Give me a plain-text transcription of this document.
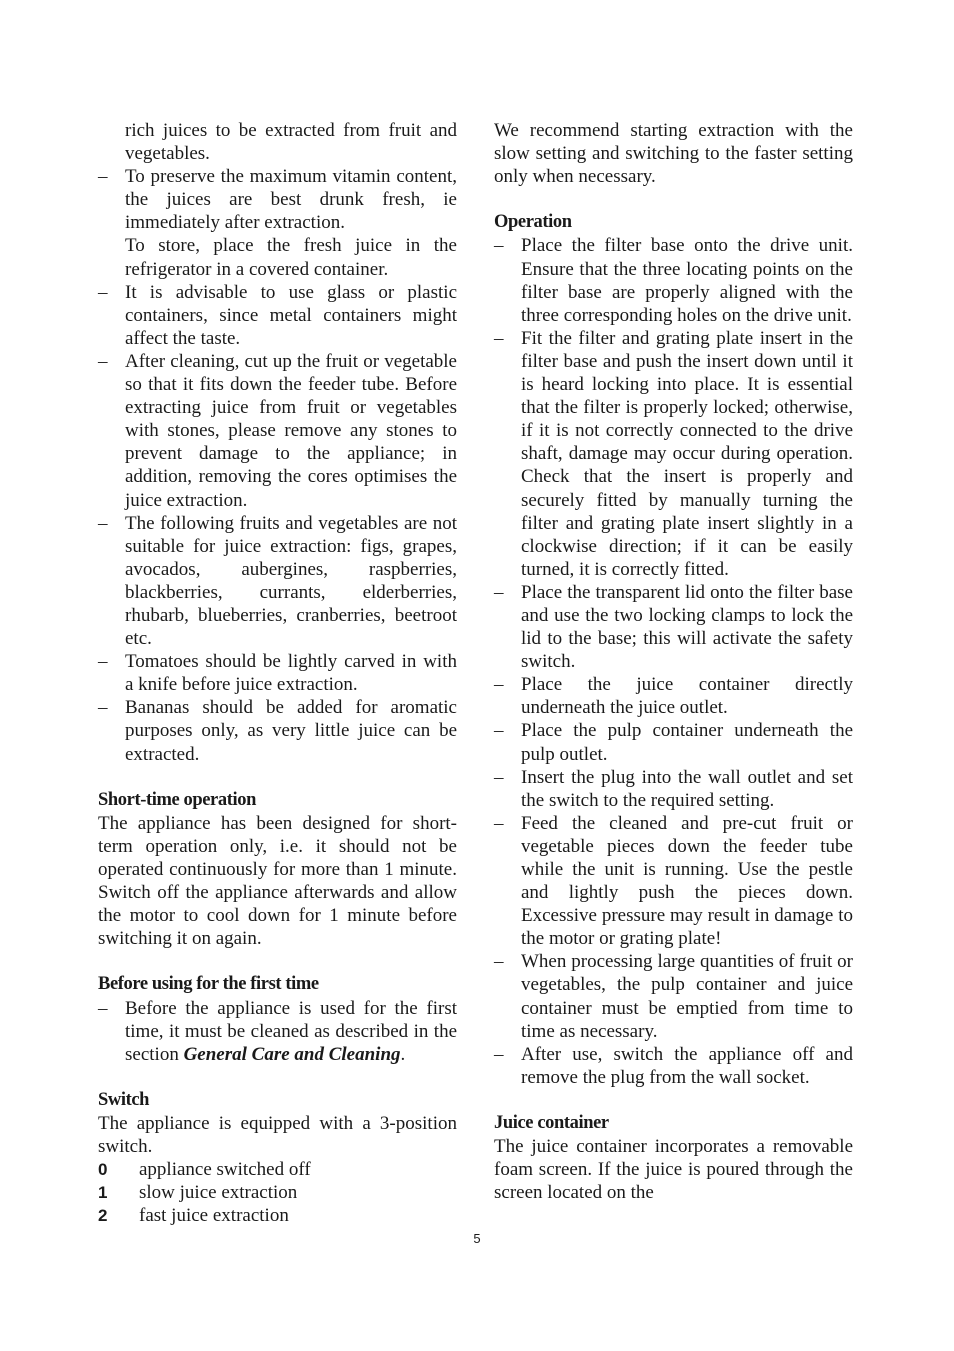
rich juices to be extracted from fruit and vegetables.

– To preserve the maximum vitamin content, the juices are best drunk fresh, ie immediately after extraction.

To store, place the fresh juice in the refrigerator in a covered container.

– It is advisable to use glass or plastic containers, since metal containers might affect the taste.
– After cleaning, cut up the fruit or vegetable so that it fits down the feeder tube. Before extracting juice from fruit or vegetables with stones, please remove any stones to prevent damage to the appliance; in addition, removing the cores optimises the juice extraction.
– The following fruits and vegetables are not suitable for juice extraction: figs, grapes, avocados, aubergines, raspberries, blackberries, currants, elderberries, rhubarb, blueberries, cranberries, beetroot etc.
– Tomatoes should be lightly carved in with a knife before juice extraction.
– Bananas should be added for aromatic purposes only, as very little juice can be extracted.
Short-time operation

The appliance has been designed for short-term operation only, i.e. it should not be operated continuously for more than 1 minute. Switch off the appliance afterwards and allow the motor to cool down for 1 minute before switching it on again.

Before using for the first time
– Before the appliance is used for the first time, it must be cleaned as described in the section General Care and Cleaning.
Switch

The appliance is equipped with a 3-position switch.

0 appliance switched off
1 slow juice extraction
2 fast juice extraction

We recommend starting extraction with the slow setting and switching to the faster setting only when necessary.

Operation
– Place the filter base onto the drive unit. Ensure that the three locating points on the filter base are properly aligned with the three corresponding holes on the drive unit.
– Fit the filter and grating plate insert in the filter base and push the insert down until it is heard locking into place. It is essential that the filter is properly locked; otherwise, if it is not correctly connected to the drive shaft, damage may occur during operation. Check that the insert is properly and securely fitted by manually turning the filter and grating plate insert slightly in a clockwise direction; if it can be easily turned, it is correctly fitted.
– Place the transparent lid onto the filter base and use the two locking clamps to lock the lid to the base; this will activate the safety switch.
– Place the juice container directly underneath the juice outlet.
– Place the pulp container underneath the pulp outlet.
– Insert the plug into the wall outlet and set the switch to the required setting.
– Feed the cleaned and pre-cut fruit or vegetable pieces down the feeder tube while the unit is running. Use the pestle and lightly push the pieces down. Excessive pressure may result in damage to the motor or grating plate!
– When processing large quantities of fruit or vegetables, the pulp container and juice container must be emptied from time to time as necessary.
– After use, switch the appliance off and remove the plug from the wall socket.
Juice container

The juice container incorporates a removable foam screen. If the juice is poured through the screen located on the

5
